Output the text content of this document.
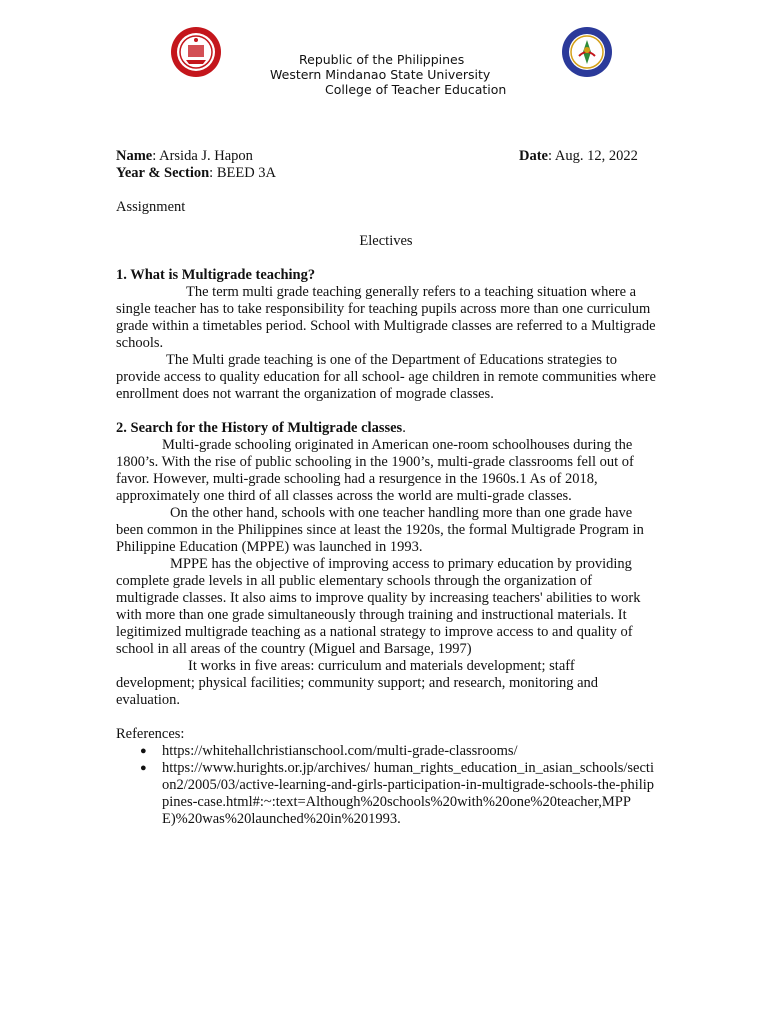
Republic of the Philippines
Western Mindanao State University
College of Teacher Education
Name: Arsida J. Hapon	Date: Aug. 12, 2022
Year & Section: BEED 3A

Assignment

Electives

1. What is Multigrade teaching?

The term multi grade teaching generally refers to a teaching situation where a single teacher has to take responsibility for teaching pupils across more than one curriculum grade within a timetables period. School with Multigrade classes are referred to a Multigrade schools.

The Multi grade teaching is one of the Department of Educations strategies to provide access to quality education for all school- age children in remote communities where enrollment does not warrant the organization of mograde classes.

2. Search for the History of Multigrade classes.

Multi-grade schooling originated in American one-room schoolhouses during the 1800’s. With the rise of public schooling in the 1900’s, multi-grade classrooms fell out of favor. However, multi-grade schooling had a resurgence in the 1960s.1 As of 2018, approximately one third of all classes across the world are multi-grade classes.

On the other hand, schools with one teacher handling more than one grade have been common in the Philippines since at least the 1920s, the formal Multigrade Program in Philippine Education (MPPE) was launched in 1993.

MPPE has the objective of improving access to primary education by providing complete grade levels in all public elementary schools through the organization of multigrade classes. It also aims to improve quality by increasing teachers' abilities to work with more than one grade simultaneously through training and instructional materials. It legitimized multigrade teaching as a national strategy to improve access to and quality of school in all areas of the country (Miguel and Barsage, 1997)

It works in five areas: curriculum and materials development; staff development; physical facilities; community support; and research, monitoring and evaluation.

References:

● https://whitehallchristianschool.com/multi-grade-classrooms/
● https://www.hurights.or.jp/archives/ human_rights_education_in_asian_schools/section2/2005/03/active-learning-and-girls-participation-in-multigrade-schools-the-philippines-case.html#:~:text=Although%20schools%20with%20one%20teacher,MPPE)%20was%20launched%20in%201993.
